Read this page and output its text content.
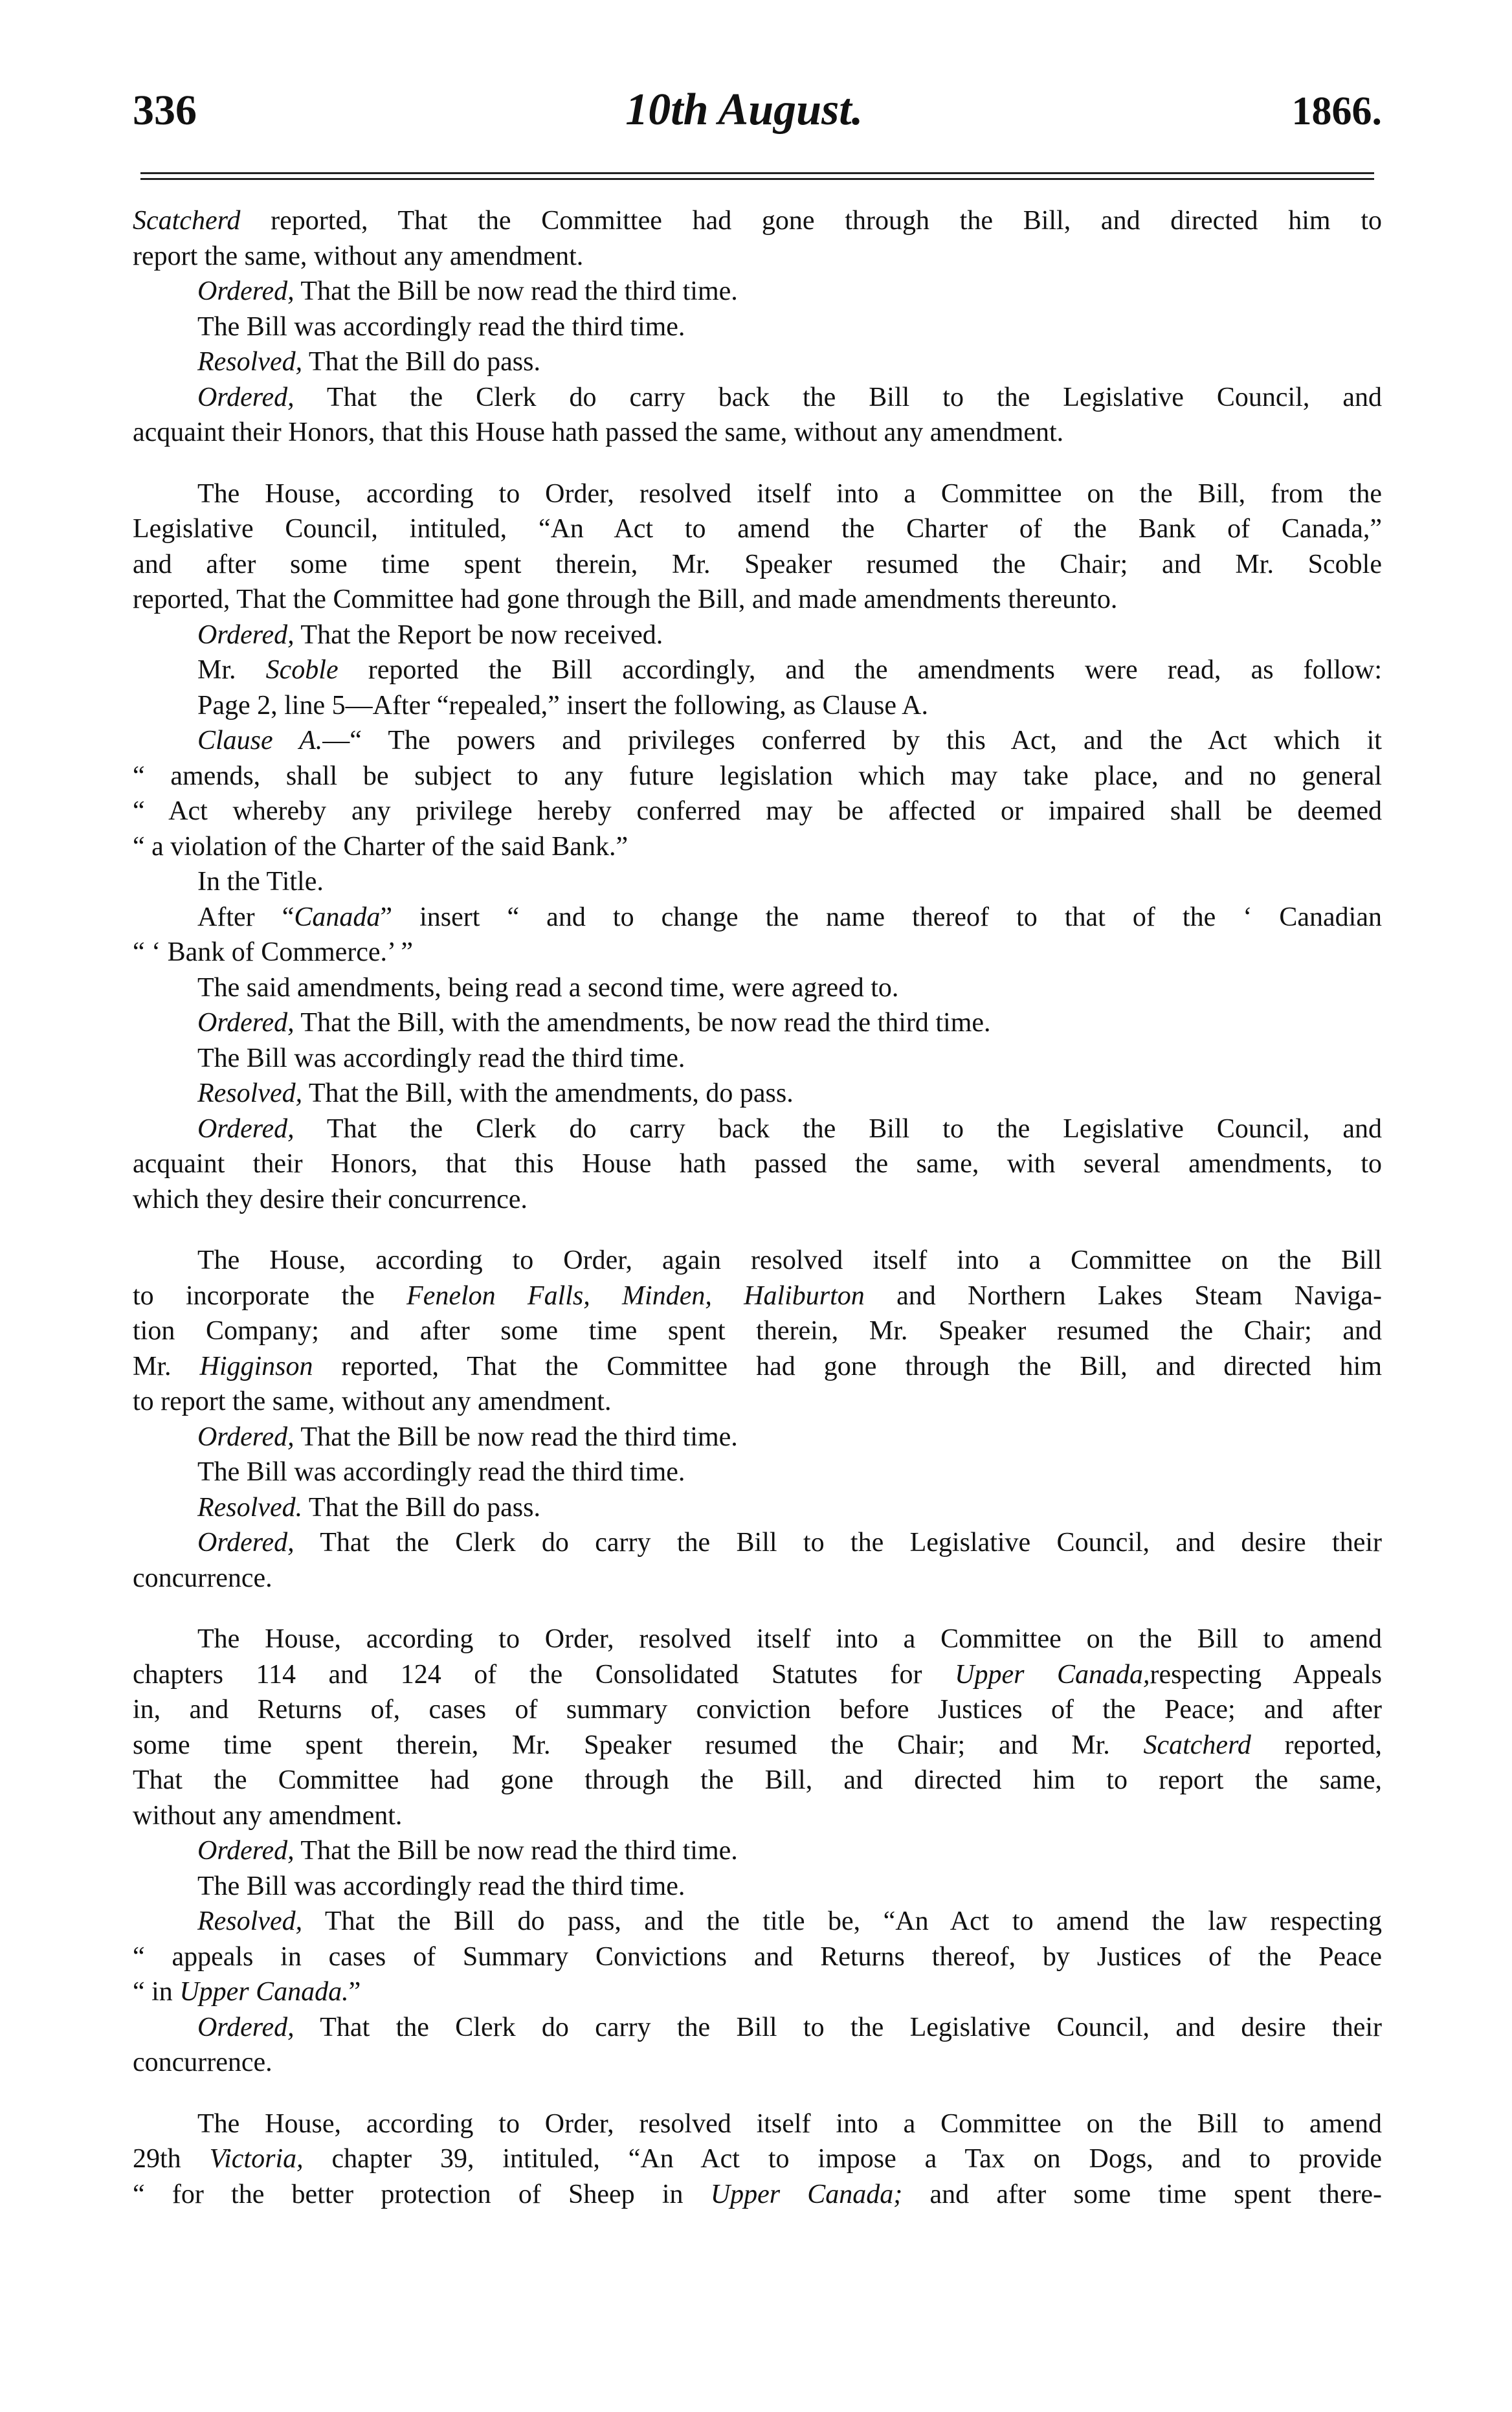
336	10th August.	1866.
Scatcherd reported, That the Committee had gone through the Bill, and directed him to
report the same, without any amendment.
Ordered, That the Bill be now read the third time.
The Bill was accordingly read the third time.
Resolved, That the Bill do pass.
Ordered, That the Clerk do carry back the Bill to the Legislative Council, and
acquaint their Honors, that this House hath passed the same, without any amendment.
The House, according to Order, resolved itself into a Committee on the Bill, from the
Legislative Council, intituled, “An Act to amend the Charter of the Bank of Canada,”
and after some time spent therein, Mr. Speaker resumed the Chair; and Mr. Scoble
reported, That the Committee had gone through the Bill, and made amendments thereunto.
Ordered, That the Report be now received.
Mr. Scoble reported the Bill accordingly, and the amendments were read, as follow:
Page 2, line 5—After “repealed,” insert the following, as Clause A.
Clause A.—“ The powers and privileges conferred by this Act, and the Act which it
“ amends, shall be subject to any future legislation which may take place, and no general
“ Act whereby any privilege hereby conferred may be affected or impaired shall be deemed
“ a violation of the Charter of the said Bank.”
In the Title.
After “Canada” insert “ and to change the name thereof to that of the ‘ Canadian
“ ‘ Bank of Commerce.’ ”
The said amendments, being read a second time, were agreed to.
Ordered, That the Bill, with the amendments, be now read the third time.
The Bill was accordingly read the third time.
Resolved, That the Bill, with the amendments, do pass.
Ordered, That the Clerk do carry back the Bill to the Legislative Council, and
acquaint their Honors, that this House hath passed the same, with several amendments, to
which they desire their concurrence.
The House, according to Order, again resolved itself into a Committee on the Bill
to incorporate the Fenelon Falls, Minden, Haliburton and Northern Lakes Steam Naviga-
tion Company; and after some time spent therein, Mr. Speaker resumed the Chair; and
Mr. Higginson reported, That the Committee had gone through the Bill, and directed him
to report the same, without any amendment.
Ordered, That the Bill be now read the third time.
The Bill was accordingly read the third time.
Resolved. That the Bill do pass.
Ordered, That the Clerk do carry the Bill to the Legislative Council, and desire their
concurrence.
The House, according to Order, resolved itself into a Committee on the Bill to amend
chapters 114 and 124 of the Consolidated Statutes for Upper Canada,respecting Appeals
in, and Returns of, cases of summary conviction before Justices of the Peace; and after
some time spent therein, Mr. Speaker resumed the Chair; and Mr. Scatcherd reported,
That the Committee had gone through the Bill, and directed him to report the same,
without any amendment.
Ordered, That the Bill be now read the third time.
The Bill was accordingly read the third time.
Resolved, That the Bill do pass, and the title be, “An Act to amend the law respecting
“ appeals in cases of Summary Convictions and Returns thereof, by Justices of the Peace
“ in Upper Canada.”
Ordered, That the Clerk do carry the Bill to the Legislative Council, and desire their
concurrence.
The House, according to Order, resolved itself into a Committee on the Bill to amend
29th Victoria, chapter 39, intituled, “An Act to impose a Tax on Dogs, and to provide
“ for the better protection of Sheep in Upper Canada; and after some time spent there-
